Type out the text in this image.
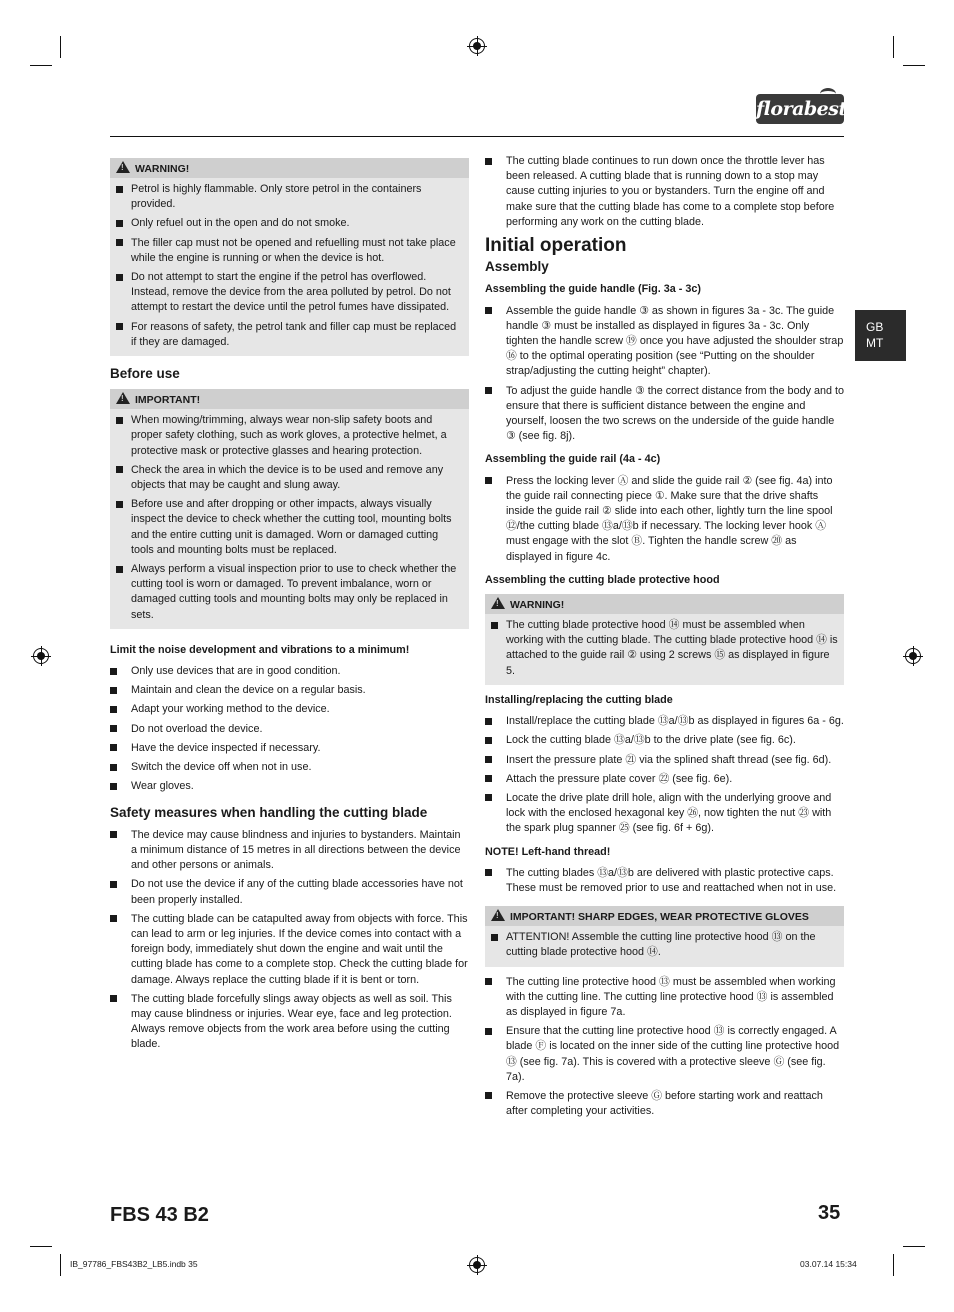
florabest
GB
MT
!WARNING!
Petrol is highly flammable. Only store petrol in the containers provided.
Only refuel out in the open and do not smoke.
The filler cap must not be opened and refuelling must not take place while the engine is running or when the device is hot.
Do not attempt to start the engine if the petrol has overflowed. Instead, remove the device from the area polluted by petrol. Do not attempt to restart the device until the petrol fumes have dissipated.
For reasons of safety, the petrol tank and filler cap must be replaced if they are damaged.
Before use
!IMPORTANT!
When mowing/trimming, always wear non-slip safety boots and proper safety clothing, such as work gloves, a protective helmet, a protective mask or protective glasses and hearing protection.
Check the area in which the device is to be used and remove any objects that may be caught and slung away.
Before use and after dropping or other impacts, always visually inspect the device to check whether the cutting tool, mounting bolts and the entire cutting unit is damaged. Worn or damaged cutting tools and mounting bolts must be replaced.
Always perform a visual inspection prior to use to check whether the cutting tool is worn or damaged. To prevent imbalance, worn or damaged cutting tools and mounting bolts may only be replaced in sets.
Limit the noise development and vibrations to a minimum!
Only use devices that are in good condition.
Maintain and clean the device on a regular basis.
Adapt your working method to the device.
Do not overload the device.
Have the device inspected if necessary.
Switch the device off when not in use.
Wear gloves.
Safety measures when handling the cutting blade
The device may cause blindness and injuries to bystanders. Maintain a minimum distance of 15 metres in all directions between the device and other persons or animals.
Do not use the device if any of the cutting blade accessories have not been properly installed.
The cutting blade can be catapulted away from objects with force. This can lead to arm or leg injuries. If the device comes into contact with a foreign body, immediately shut down the engine and wait until the cutting blade has come to a complete stop. Check the cutting blade for damage. Always replace the cutting blade if it is bent or torn.
The cutting blade forcefully slings away objects as well as soil. This may cause blindness or injuries. Wear eye, face and leg protection. Always remove objects from the work area before using the cutting blade.
The cutting blade continues to run down once the throttle lever has been released. A cutting blade that is running down to a stop may cause cutting injuries to you or bystanders. Turn the engine off and make sure that the cutting blade has come to a complete stop before performing any work on the cutting blade.
Initial operation
Assembly
Assembling the guide handle (Fig. 3a - 3c)
Assemble the guide handle ③ as shown in figures 3a - 3c. The guide handle ③ must be installed as displayed in figures 3a - 3c. Only tighten the handle screw ⑲ once you have adjusted the shoulder strap ⑯ to the optimal operating position (see “Putting on the shoulder strap/adjusting the cutting height” chapter).
To adjust the guide handle ③ the correct distance from the body and to ensure that there is sufficient distance between the engine and yourself, loosen the two screws on the underside of the guide handle ③ (see fig. 8j).
Assembling the guide rail (4a - 4c)
Press the locking lever Ⓐ and slide the guide rail ② (see fig. 4a) into the guide rail connecting piece ①. Make sure that the drive shafts inside the guide rail ② slide into each other, lightly turn the line spool ⑫/the cutting blade ⑬a/⑬b if necessary. The locking lever hook Ⓐ must engage with the slot Ⓑ. Tighten the handle screw ⑳ as displayed in figure 4c.
Assembling the cutting blade protective hood
!WARNING!
The cutting blade protective hood ⑭ must be assembled when working with the cutting blade. The cutting blade protective hood ⑭ is attached to the guide rail ② using 2 screws ⑮ as displayed in figure 5.
Installing/replacing the cutting blade
Install/replace the cutting blade ⑬a/⑬b as displayed in figures 6a - 6g.
Lock the cutting blade ⑬a/⑬b to the drive plate (see fig. 6c).
Insert the pressure plate ㉑ via the splined shaft thread (see fig. 6d).
Attach the pressure plate cover ㉒ (see fig. 6e).
Locate the drive plate drill hole, align with the underlying groove and lock with the enclosed hexagonal key ㉖, now tighten the nut ㉓ with the spark plug spanner ㉕ (see fig. 6f + 6g).
NOTE! Left-hand thread!
The cutting blades ⑬a/⑬b are delivered with plastic protective caps. These must be removed prior to use and reattached when not in use.
!IMPORTANT! SHARP EDGES, WEAR PROTECTIVE GLOVES
ATTENTION! Assemble the cutting line protective hood ⑬ on the cutting blade protective hood ⑭.
The cutting line protective hood ⑬ must be assembled when working with the cutting line. The cutting line protective hood ⑬ is assembled as displayed in figure 7a.
Ensure that the cutting line protective hood ⑬ is correctly engaged. A blade Ⓕ is located on the inner side of the cutting line protective hood ⑬ (see fig. 7a). This is covered with a protective sleeve Ⓖ (see fig. 7a).
Remove the protective sleeve Ⓖ before starting work and reattach after completing your activities.
FBS 43 B2	35
IB_97786_FBS43B2_LB5.indb 35	03.07.14 15:34
